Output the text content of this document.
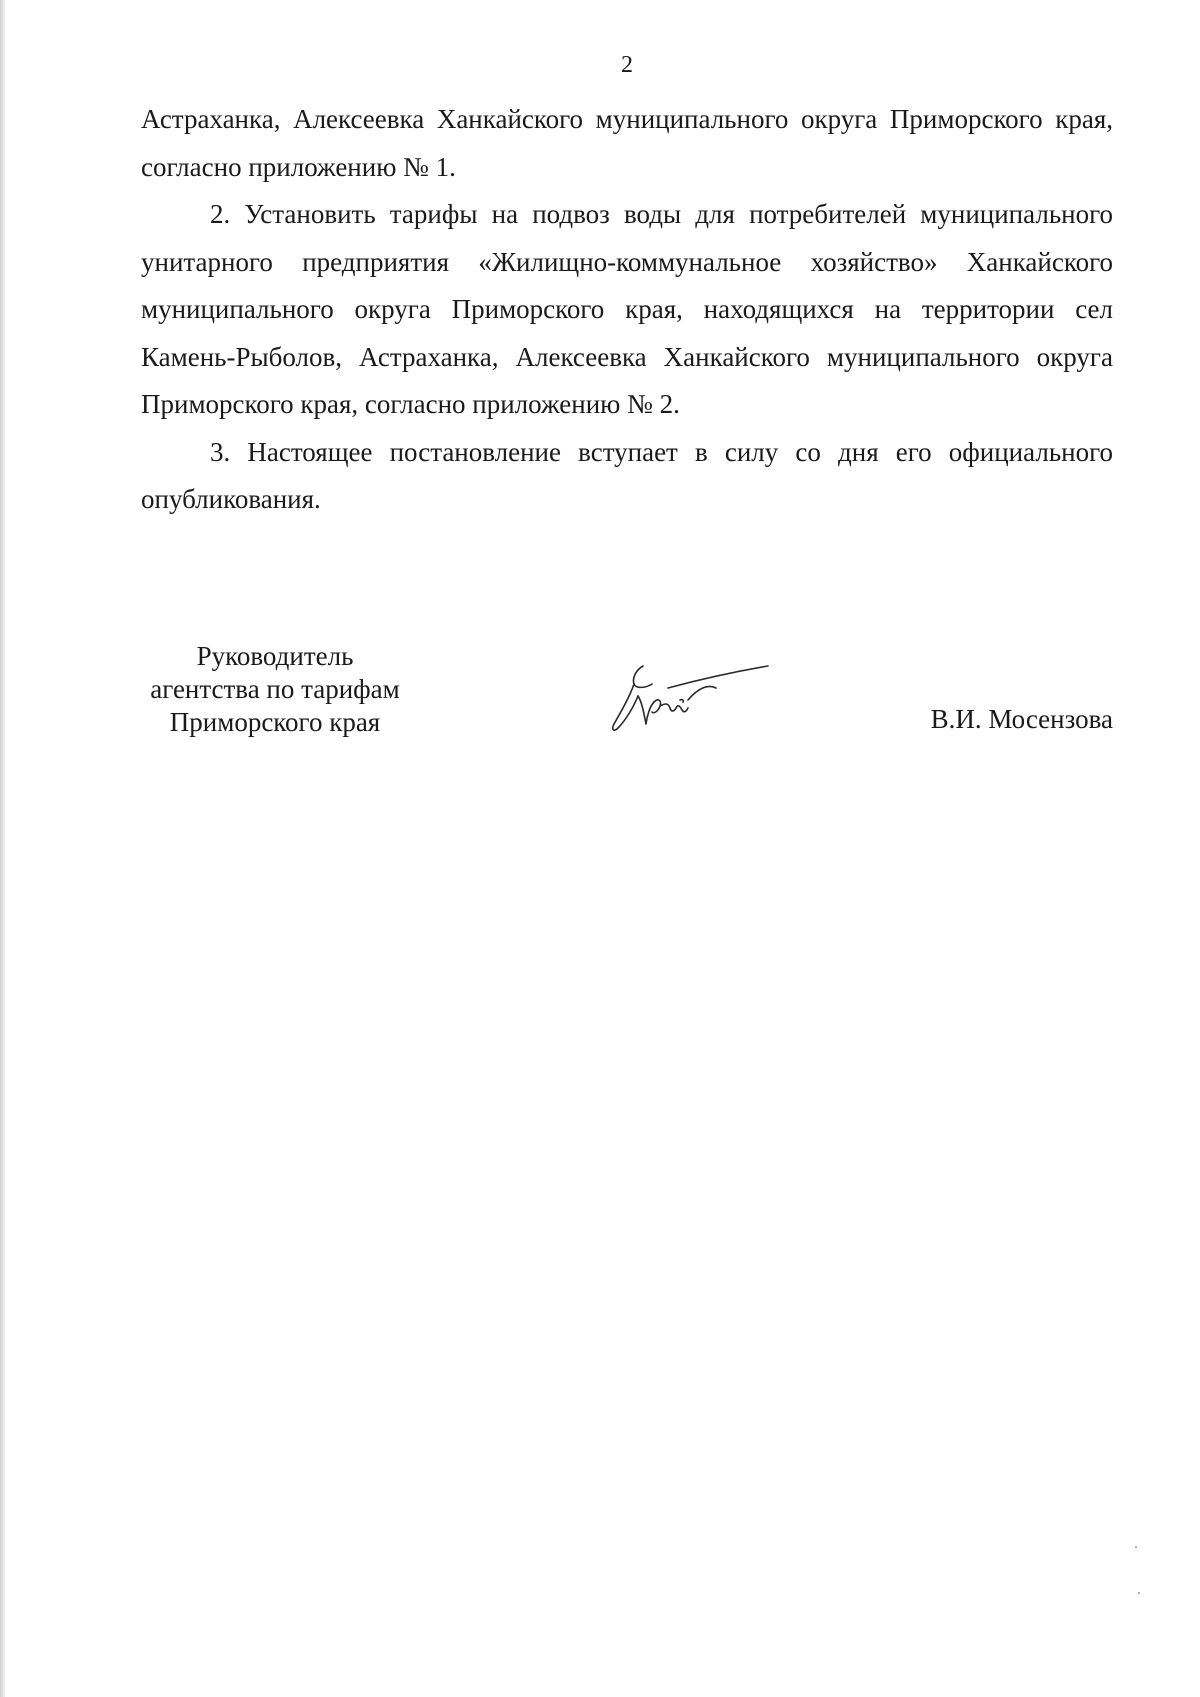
2

Астраханка, Алексеевка Ханкайского муниципального округа Приморского края, согласно приложению № 1.

2. Установить тарифы на подвоз воды для потребителей муниципального унитарного предприятия «Жилищно-коммунальное хозяйство» Ханкайского муниципального округа Приморского края, находящихся на территории сел Камень-Рыболов, Астраханка, Алексеевка Ханкайского муниципального округа Приморского края, согласно приложению № 2.

3. Настоящее постановление вступает в силу со дня его официального опубликования.

Руководитель
агентства по тарифам
Приморского края	В.И. Мосензова
